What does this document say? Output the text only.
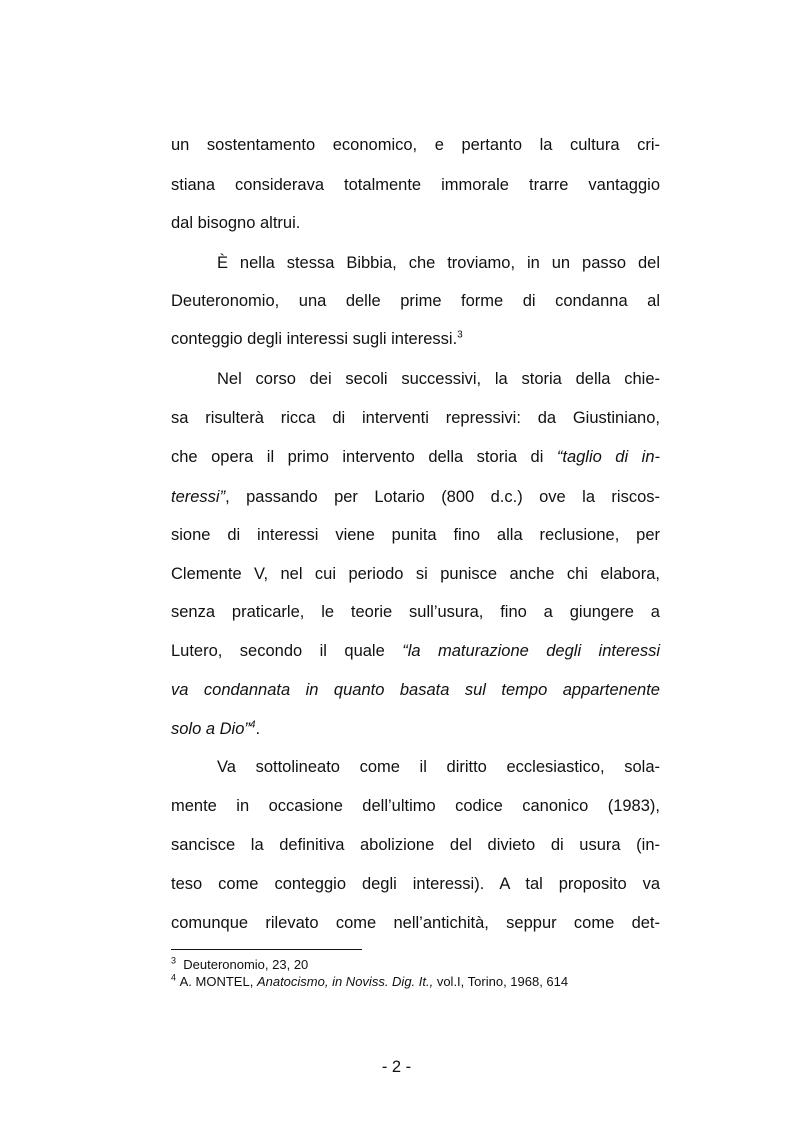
un sostentamento economico, e pertanto la cultura cri-
stiana considerava totalmente immorale trarre vantaggio
dal bisogno altrui.
È nella stessa Bibbia, che troviamo, in un passo del
Deuteronomio, una delle prime forme di condanna al
conteggio degli interessi sugli interessi.$^3$
Nel corso dei secoli successivi, la storia della chie-
sa risulterà ricca di interventi repressivi: da Giustiniano,
che opera il primo intervento della storia di “taglio di in-
teressi”, passando per Lotario (800 d.c.) ove la riscos-
sione di interessi viene punita fino alla reclusione, per
Clemente V, nel cui periodo si punisce anche chi elabora,
senza praticarle, le teorie sull’usura, fino a giungere a
Lutero, secondo il quale “la maturazione degli interessi
va condannata in quanto basata sul tempo appartenente
solo a Dio”$^4$.
Va sottolineato come il diritto ecclesiastico, sola-
mente in occasione dell’ultimo codice canonico (1983),
sancisce la definitiva abolizione del divieto di usura (in-
teso come conteggio degli interessi). A tal proposito va
comunque rilevato come nell’antichità, seppur come det-
$^3$ Deuteronomio, 23, 20
$^4$ A. MONTEL, Anatocismo, in Noviss. Dig. It., vol.I, Torino, 1968, 614
- 2 -
